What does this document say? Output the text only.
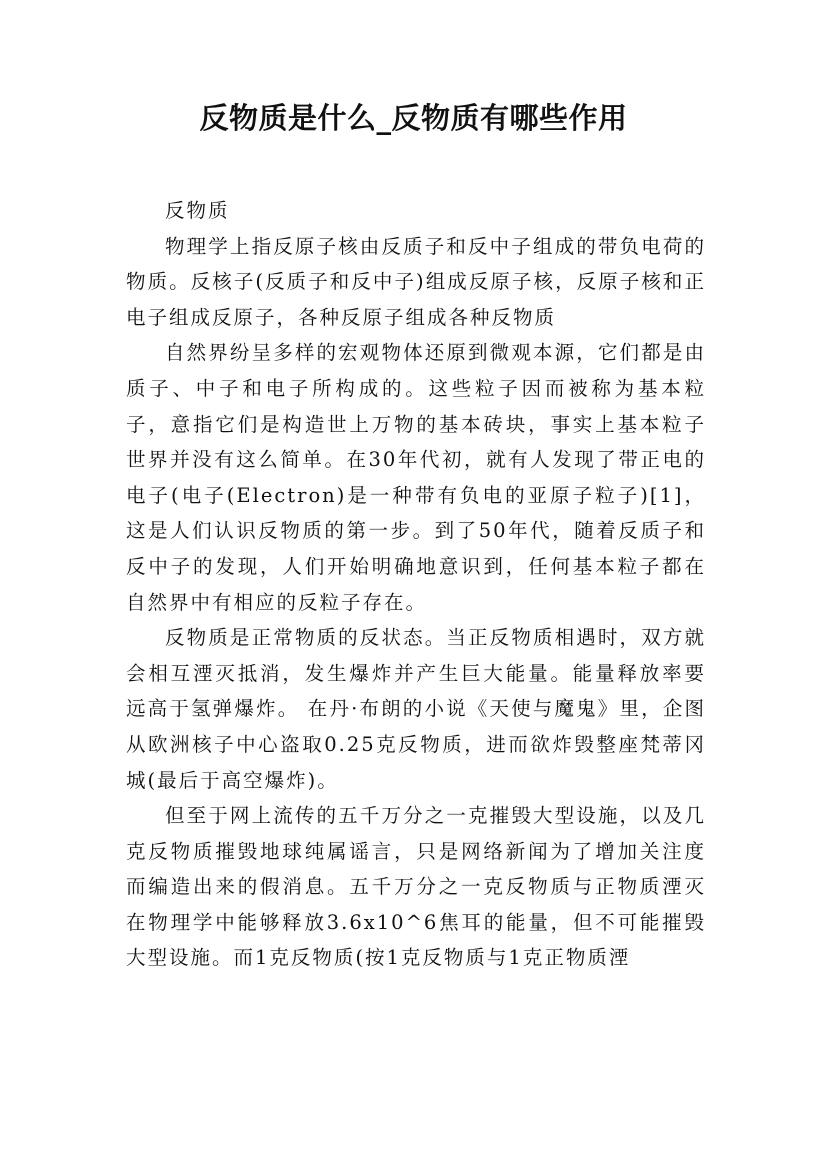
反物质是什么_反物质有哪些作用

反物质

物理学上指反原子核由反质子和反中子组成的带负电荷的物质。反核子(反质子和反中子)组成反原子核，反原子核和正电子组成反原子，各种反原子组成各种反物质

自然界纷呈多样的宏观物体还原到微观本源，它们都是由质子、中子和电子所构成的。这些粒子因而被称为基本粒子，意指它们是构造世上万物的基本砖块，事实上基本粒子世界并没有这么简单。在30年代初，就有人发现了带正电的电子(电子(Electron)是一种带有负电的亚原子粒子)[1]，这是人们认识反物质的第一步。到了50年代，随着反质子和反中子的发现，人们开始明确地意识到，任何基本粒子都在自然界中有相应的反粒子存在。

反物质是正常物质的反状态。当正反物质相遇时，双方就会相互湮灭抵消，发生爆炸并产生巨大能量。能量释放率要远高于氢弹爆炸。 在丹·布朗的小说《天使与魔鬼》里，企图从欧洲核子中心盗取0.25克反物质，进而欲炸毁整座梵蒂冈城(最后于高空爆炸)。

但至于网上流传的五千万分之一克摧毁大型设施，以及几克反物质摧毁地球纯属谣言，只是网络新闻为了增加关注度而编造出来的假消息。五千万分之一克反物质与正物质湮灭在物理学中能够释放3.6x10^6焦耳的能量，但不可能摧毁大型设施。而1克反物质(按1克反物质与1克正物质湮
